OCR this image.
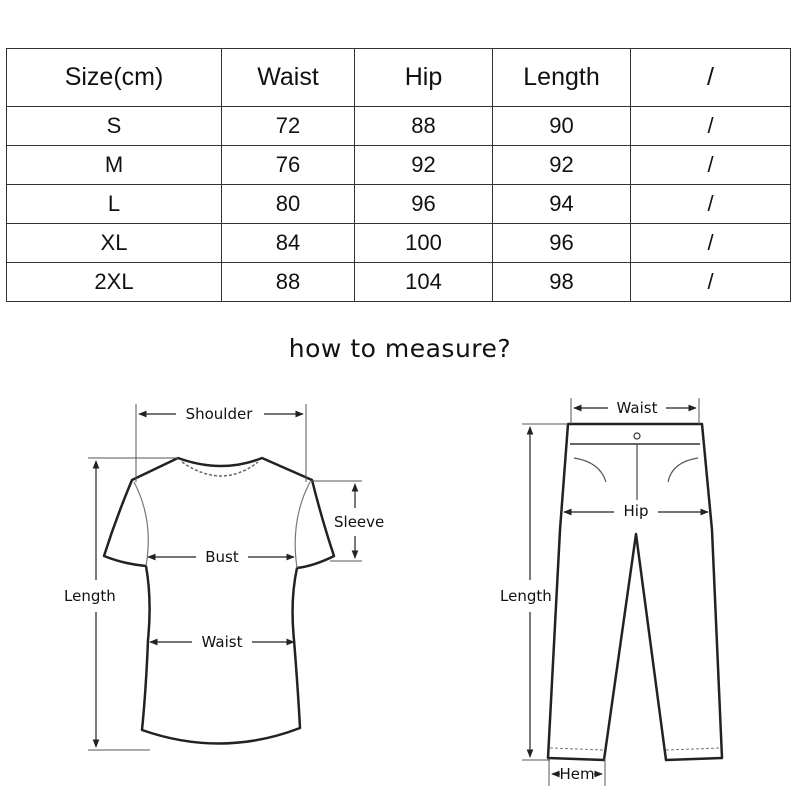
Size(cm)	Waist	Hip	Length	/
S	72	88	90	/
M	76	92	92	/
L	80	96	94	/
XL	84	100	96	/
2XL	88	104	98	/
how to measure?
Shoulder
Sleeve
Bust
Waist
Length
Waist
Hip
Length
Hem
